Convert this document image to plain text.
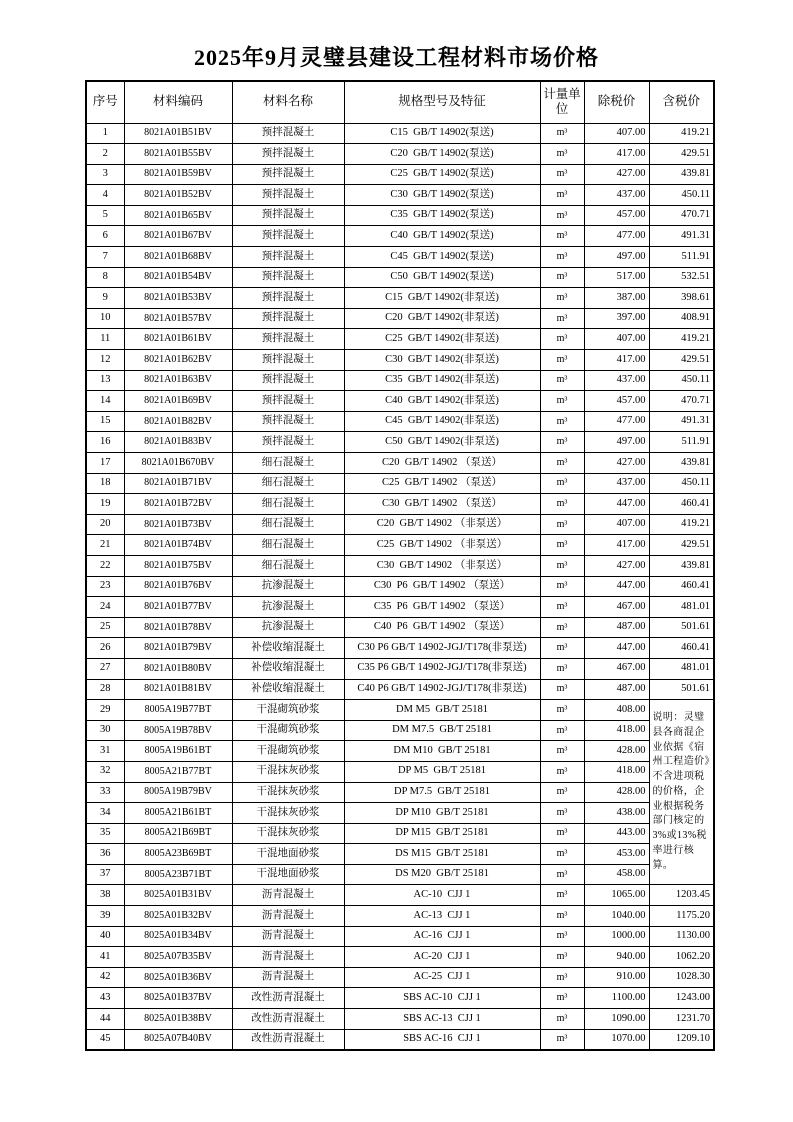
2025年9月灵璧县建设工程材料市场价格
序号	材料编码	材料名称	规格型号及特征	计量单位	除税价	含税价
1	8021A01B51BV	预拌混凝土	C15  GB/T 14902(泵送)	m³	407.00	419.21
2	8021A01B55BV	预拌混凝土	C20  GB/T 14902(泵送)	m³	417.00	429.51
3	8021A01B59BV	预拌混凝土	C25  GB/T 14902(泵送)	m³	427.00	439.81
4	8021A01B52BV	预拌混凝土	C30  GB/T 14902(泵送)	m³	437.00	450.11
5	8021A01B65BV	预拌混凝土	C35  GB/T 14902(泵送)	m³	457.00	470.71
6	8021A01B67BV	预拌混凝土	C40  GB/T 14902(泵送)	m³	477.00	491.31
7	8021A01B68BV	预拌混凝土	C45  GB/T 14902(泵送)	m³	497.00	511.91
8	8021A01B54BV	预拌混凝土	C50  GB/T 14902(泵送)	m³	517.00	532.51
9	8021A01B53BV	预拌混凝土	C15  GB/T 14902(非泵送)	m³	387.00	398.61
10	8021A01B57BV	预拌混凝土	C20  GB/T 14902(非泵送)	m³	397.00	408.91
11	8021A01B61BV	预拌混凝土	C25  GB/T 14902(非泵送)	m³	407.00	419.21
12	8021A01B62BV	预拌混凝土	C30  GB/T 14902(非泵送)	m³	417.00	429.51
13	8021A01B63BV	预拌混凝土	C35  GB/T 14902(非泵送)	m³	437.00	450.11
14	8021A01B69BV	预拌混凝土	C40  GB/T 14902(非泵送)	m³	457.00	470.71
15	8021A01B82BV	预拌混凝土	C45  GB/T 14902(非泵送)	m³	477.00	491.31
16	8021A01B83BV	预拌混凝土	C50  GB/T 14902(非泵送)	m³	497.00	511.91
17	8021A01B670BV	细石混凝土	C20  GB/T 14902 （泵送）	m³	427.00	439.81
18	8021A01B71BV	细石混凝土	C25  GB/T 14902 （泵送）	m³	437.00	450.11
19	8021A01B72BV	细石混凝土	C30  GB/T 14902 （泵送）	m³	447.00	460.41
20	8021A01B73BV	细石混凝土	C20  GB/T 14902 （非泵送）	m³	407.00	419.21
21	8021A01B74BV	细石混凝土	C25  GB/T 14902 （非泵送）	m³	417.00	429.51
22	8021A01B75BV	细石混凝土	C30  GB/T 14902 （非泵送）	m³	427.00	439.81
23	8021A01B76BV	抗渗混凝土	C30  P6  GB/T 14902 （泵送）	m³	447.00	460.41
24	8021A01B77BV	抗渗混凝土	C35  P6  GB/T 14902 （泵送）	m³	467.00	481.01
25	8021A01B78BV	抗渗混凝土	C40  P6  GB/T 14902 （泵送）	m³	487.00	501.61
26	8021A01B79BV	补偿收缩混凝土	C30 P6 GB/T 14902-JGJ/T178(非泵送)	m³	447.00	460.41
27	8021A01B80BV	补偿收缩混凝土	C35 P6 GB/T 14902-JGJ/T178(非泵送)	m³	467.00	481.01
28	8021A01B81BV	补偿收缩混凝土	C40 P6 GB/T 14902-JGJ/T178(非泵送)	m³	487.00	501.61
29	8005A19B77BT	干混砌筑砂浆	DM M5  GB/T 25181	m³	408.00	说明：灵璧县各商混企业依据《宿州工程造价》不含进项税的价格，企业根据税务部门核定的3%或13%税率进行核算。
30	8005A19B78BV	干混砌筑砂浆	DM M7.5  GB/T 25181	m³	418.00	
31	8005A19B61BT	干混砌筑砂浆	DM M10  GB/T 25181	m³	428.00	
32	8005A21B77BT	干混抹灰砂浆	DP M5  GB/T 25181	m³	418.00	
33	8005A19B79BV	干混抹灰砂浆	DP M7.5  GB/T 25181	m³	428.00	
34	8005A21B61BT	干混抹灰砂浆	DP M10  GB/T 25181	m³	438.00	
35	8005A21B69BT	干混抹灰砂浆	DP M15  GB/T 25181	m³	443.00	
36	8005A23B69BT	干混地面砂浆	DS M15  GB/T 25181	m³	453.00	
37	8005A23B71BT	干混地面砂浆	DS M20  GB/T 25181	m³	458.00	
38	8025A01B31BV	沥青混凝土	AC-10  CJJ 1	m³	1065.00	1203.45
39	8025A01B32BV	沥青混凝土	AC-13  CJJ 1	m³	1040.00	1175.20
40	8025A01B34BV	沥青混凝土	AC-16  CJJ 1	m³	1000.00	1130.00
41	8025A07B35BV	沥青混凝土	AC-20  CJJ 1	m³	940.00	1062.20
42	8025A01B36BV	沥青混凝土	AC-25  CJJ 1	m³	910.00	1028.30
43	8025A01B37BV	改性沥青混凝土	SBS AC-10  CJJ 1	m³	1100.00	1243.00
44	8025A01B38BV	改性沥青混凝土	SBS AC-13  CJJ 1	m³	1090.00	1231.70
45	8025A07B40BV	改性沥青混凝土	SBS AC-16  CJJ 1	m³	1070.00	1209.10
